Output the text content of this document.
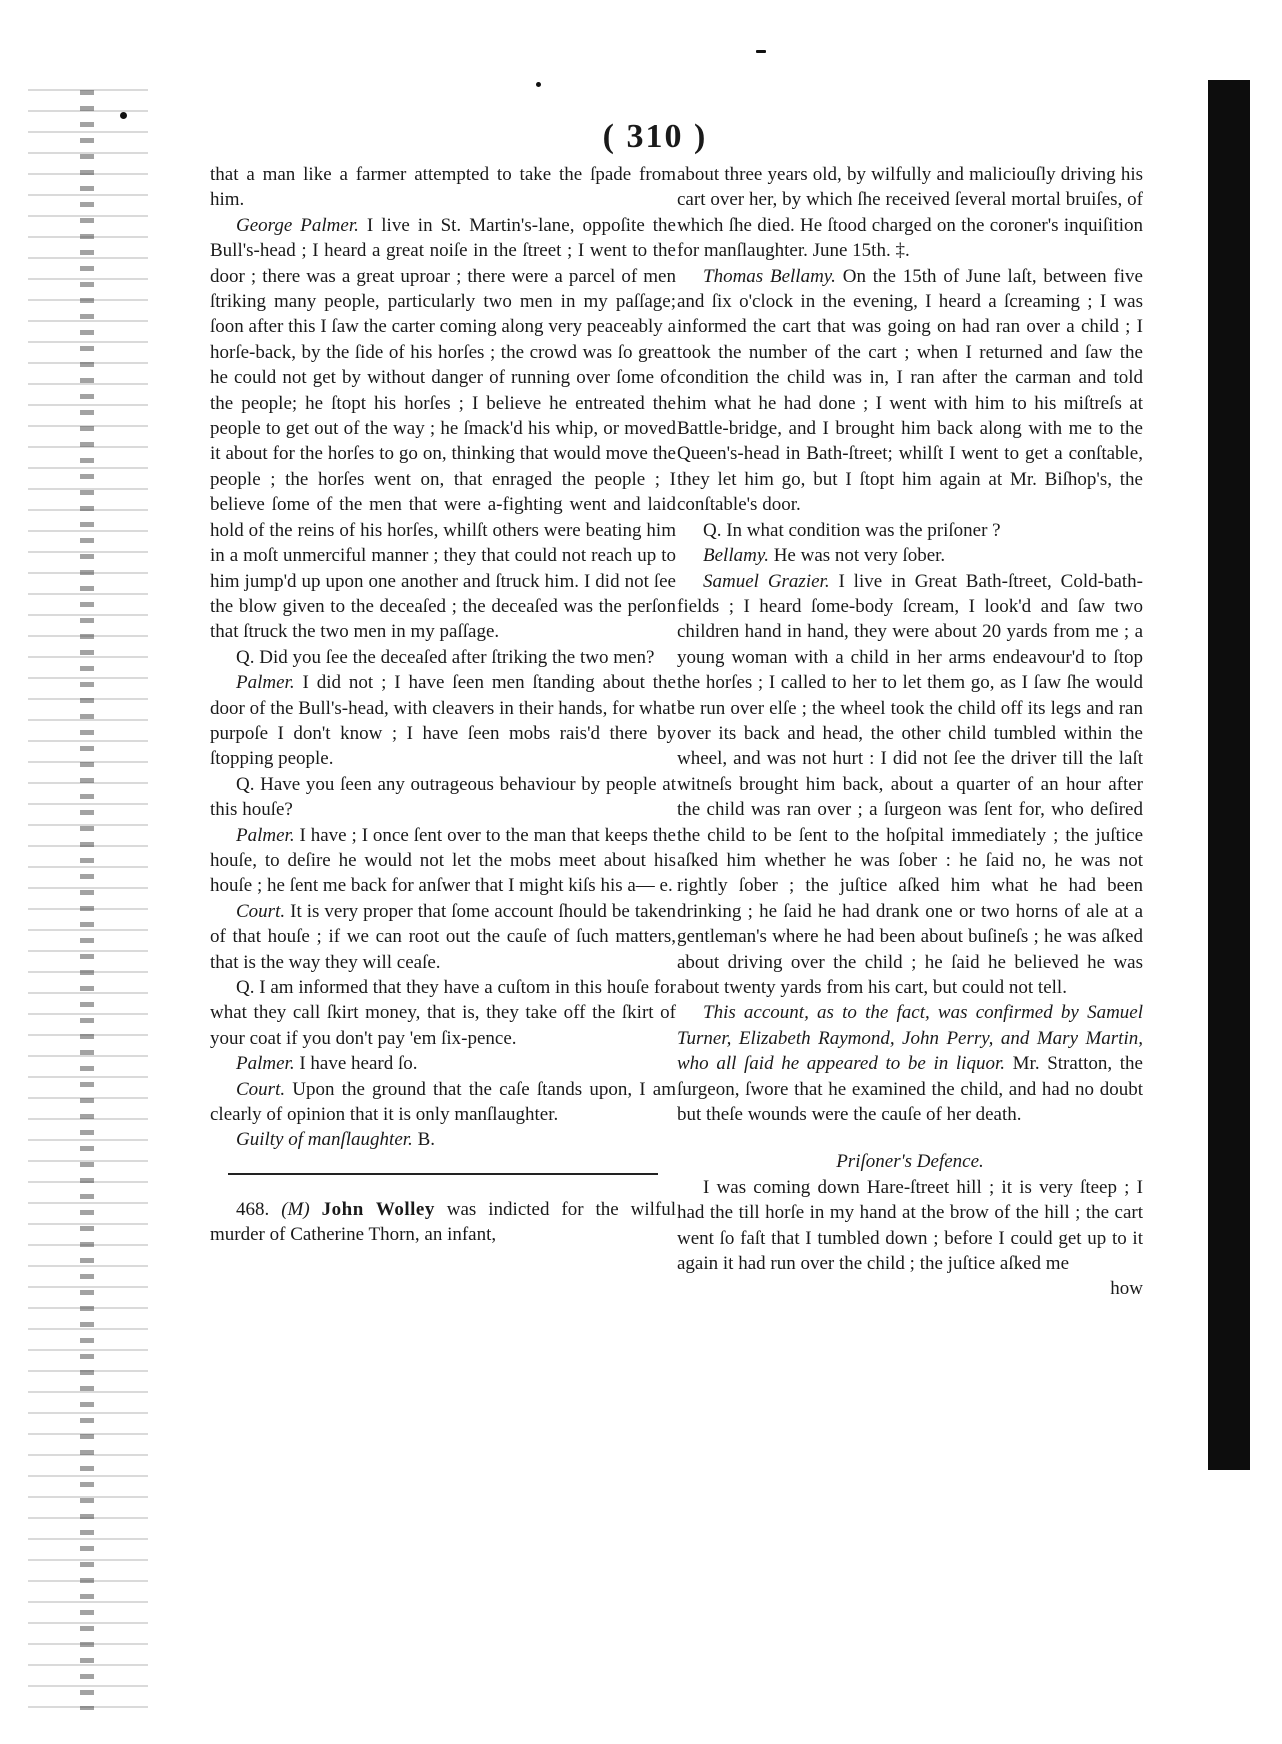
( 310 )

that a man like a farmer attempted to take the ſpade from him.

George Palmer. I live in St. Martin's-lane, oppoſite the Bull's-head ; I heard a great noiſe in the ſtreet ; I went to the door ; there was a great uproar ; there were a parcel of men ſtriking many people, particularly two men in my paſſage; ſoon after this I ſaw the carter coming along very peaceably a horſe-back, by the ſide of his horſes ; the crowd was ſo great he could not get by without danger of running over ſome of the people; he ſtopt his horſes ; I believe he entreated the people to get out of the way ; he ſmack'd his whip, or moved it about for the horſes to go on, thinking that would move the people ; the horſes went on, that enraged the people ; I believe ſome of the men that were a-fighting went and laid hold of the reins of his horſes, whilſt others were beating him in a moſt unmerciful manner ; they that could not reach up to him jump'd up upon one another and ſtruck him. I did not ſee the blow given to the deceaſed ; the deceaſed was the perſon that ſtruck the two men in my paſſage.

Q. Did you ſee the deceaſed after ſtriking the two men?

Palmer. I did not ; I have ſeen men ſtanding about the door of the Bull's-head, with cleavers in their hands, for what purpoſe I don't know ; I have ſeen mobs rais'd there by ſtopping people.

Q. Have you ſeen any outrageous behaviour by people at this houſe?

Palmer. I have ; I once ſent over to the man that keeps the houſe, to deſire he would not let the mobs meet about his houſe ; he ſent me back for anſwer that I might kiſs his a— e.

Court. It is very proper that ſome account ſhould be taken of that houſe ; if we can root out the cauſe of ſuch matters, that is the way they will ceaſe.

Q. I am informed that they have a cuſtom in this houſe for what they call ſkirt money, that is, they take off the ſkirt of your coat if you don't pay 'em ſix-pence.

Palmer. I have heard ſo.

Court. Upon the ground that the caſe ſtands upon, I am clearly of opinion that it is only manſlaughter.

Guilty of manſlaughter. B.

468. (M) John Wolley was indicted for the wilful murder of Catherine Thorn, an infant,

about three years old, by wilfully and maliciouſly driving his cart over her, by which ſhe received ſeveral mortal bruiſes, of which ſhe died. He ſtood charged on the coroner's inquiſition for manſlaughter. June 15th. ‡.

Thomas Bellamy. On the 15th of June laſt, between five and ſix o'clock in the evening, I heard a ſcreaming ; I was informed the cart that was going on had ran over a child ; I took the number of the cart ; when I returned and ſaw the condition the child was in, I ran after the carman and told him what he had done ; I went with him to his miſtreſs at Battle-bridge, and I brought him back along with me to the Queen's-head in Bath-ſtreet; whilſt I went to get a conſtable, they let him go, but I ſtopt him again at Mr. Biſhop's, the conſtable's door.

Q. In what condition was the priſoner ?

Bellamy. He was not very ſober.

Samuel Grazier. I live in Great Bath-ſtreet, Cold-bath-fields ; I heard ſome-body ſcream, I look'd and ſaw two children hand in hand, they were about 20 yards from me ; a young woman with a child in her arms endeavour'd to ſtop the horſes ; I called to her to let them go, as I ſaw ſhe would be run over elſe ; the wheel took the child off its legs and ran over its back and head, the other child tumbled within the wheel, and was not hurt : I did not ſee the driver till the laſt witneſs brought him back, about a quarter of an hour after the child was ran over ; a ſurgeon was ſent for, who deſired the child to be ſent to the hoſpital immediately ; the juſtice aſked him whether he was ſober : he ſaid no, he was not rightly ſober ; the juſtice aſked him what he had been drinking ; he ſaid he had drank one or two horns of ale at a gentleman's where he had been about buſineſs ; he was aſked about driving over the child ; he ſaid he believed he was about twenty yards from his cart, but could not tell.

This account, as to the fact, was confirmed by Samuel Turner, Elizabeth Raymond, John Perry, and Mary Martin, who all ſaid he appeared to be in liquor. Mr. Stratton, the ſurgeon, ſwore that he examined the child, and had no doubt but theſe wounds were the cauſe of her death.

Priſoner's Defence.

I was coming down Hare-ſtreet hill ; it is very ſteep ; I had the till horſe in my hand at the brow of the hill ; the cart went ſo faſt that I tumbled down ; before I could get up to it again it had run over the child ; the juſtice aſked me

how
